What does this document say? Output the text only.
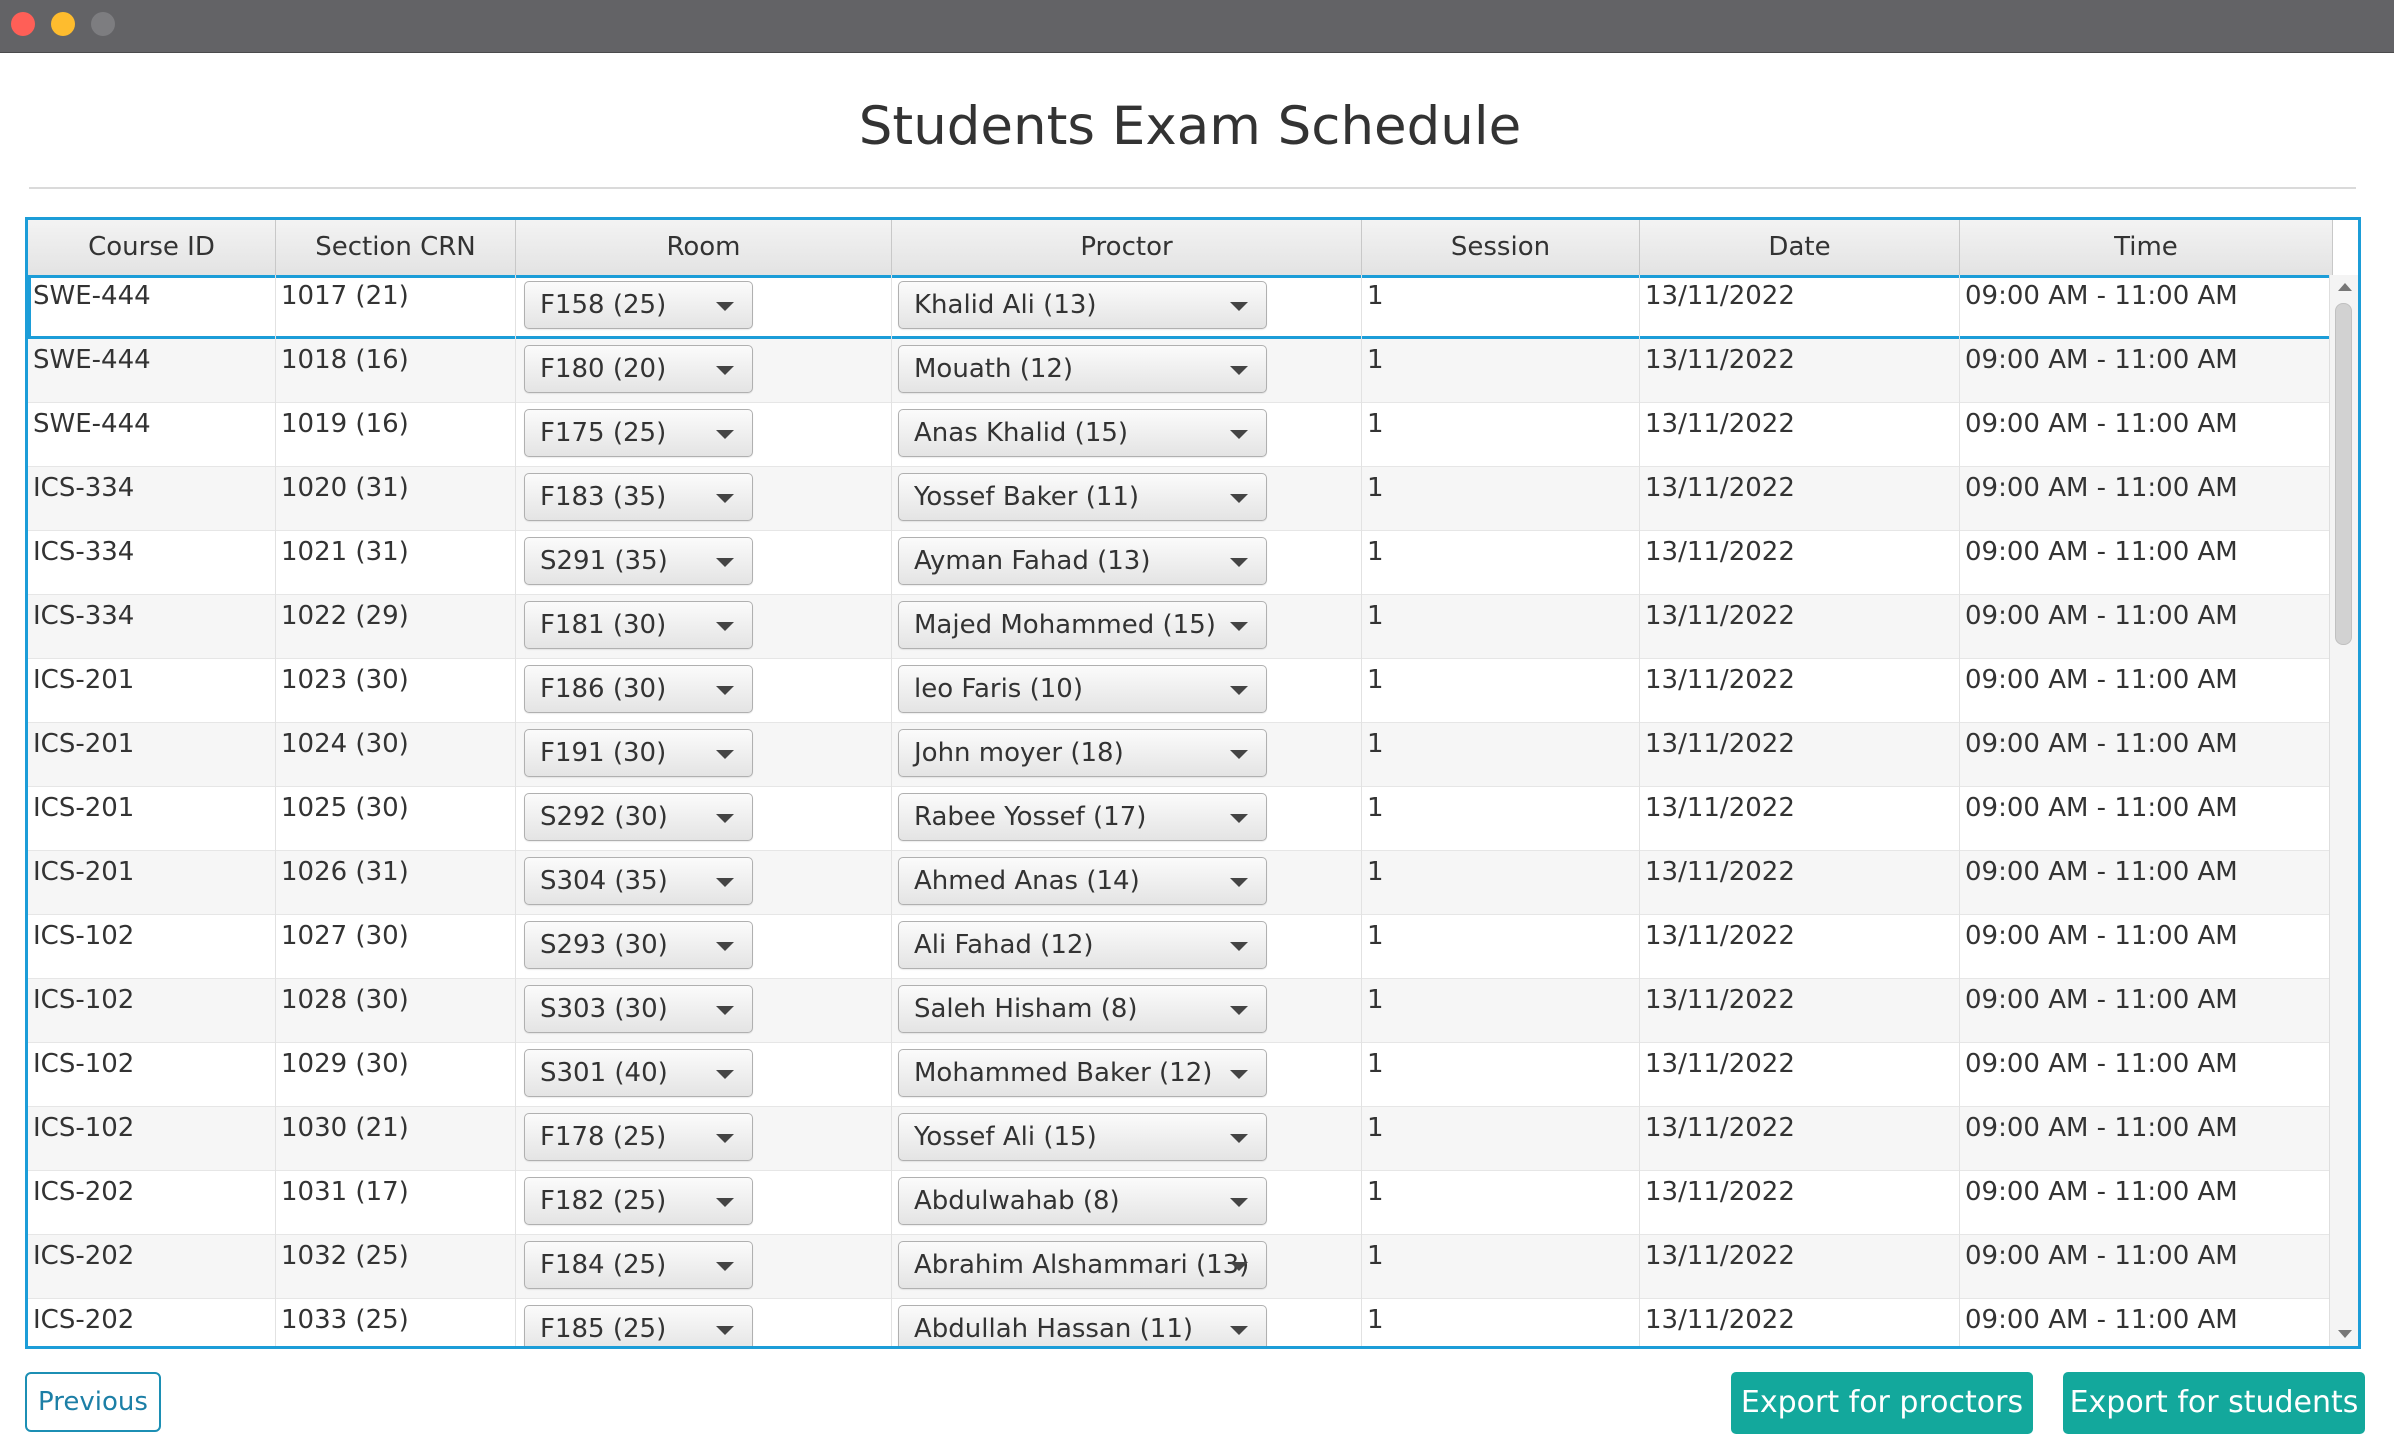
Students Exam Schedule
Course ID	Section CRN	Room	Proctor	Session	Date	Time
SWE-444	1017 (21)	F158 (25)	Khalid Ali (13)	1	13/11/2022	09:00 AM - 11:00 AM
SWE-444	1018 (16)	F180 (20)	Mouath (12)	1	13/11/2022	09:00 AM - 11:00 AM
SWE-444	1019 (16)	F175 (25)	Anas Khalid (15)	1	13/11/2022	09:00 AM - 11:00 AM
ICS-334	1020 (31)	F183 (35)	Yossef Baker (11)	1	13/11/2022	09:00 AM - 11:00 AM
ICS-334	1021 (31)	S291 (35)	Ayman Fahad (13)	1	13/11/2022	09:00 AM - 11:00 AM
ICS-334	1022 (29)	F181 (30)	Majed Mohammed (15)	1	13/11/2022	09:00 AM - 11:00 AM
ICS-201	1023 (30)	F186 (30)	leo Faris (10)	1	13/11/2022	09:00 AM - 11:00 AM
ICS-201	1024 (30)	F191 (30)	John moyer (18)	1	13/11/2022	09:00 AM - 11:00 AM
ICS-201	1025 (30)	S292 (30)	Rabee Yossef (17)	1	13/11/2022	09:00 AM - 11:00 AM
ICS-201	1026 (31)	S304 (35)	Ahmed Anas (14)	1	13/11/2022	09:00 AM - 11:00 AM
ICS-102	1027 (30)	S293 (30)	Ali Fahad (12)	1	13/11/2022	09:00 AM - 11:00 AM
ICS-102	1028 (30)	S303 (30)	Saleh Hisham (8)	1	13/11/2022	09:00 AM - 11:00 AM
ICS-102	1029 (30)	S301 (40)	Mohammed Baker (12)	1	13/11/2022	09:00 AM - 11:00 AM
ICS-102	1030 (21)	F178 (25)	Yossef Ali (15)	1	13/11/2022	09:00 AM - 11:00 AM
ICS-202	1031 (17)	F182 (25)	Abdulwahab (8)	1	13/11/2022	09:00 AM - 11:00 AM
ICS-202	1032 (25)	F184 (25)	Abrahim Alshammari (13)	1	13/11/2022	09:00 AM - 11:00 AM
ICS-202	1033 (25)	F185 (25)	Abdullah Hassan (11)	1	13/11/2022	09:00 AM - 11:00 AM
Previous	Export for proctors	Export for students
